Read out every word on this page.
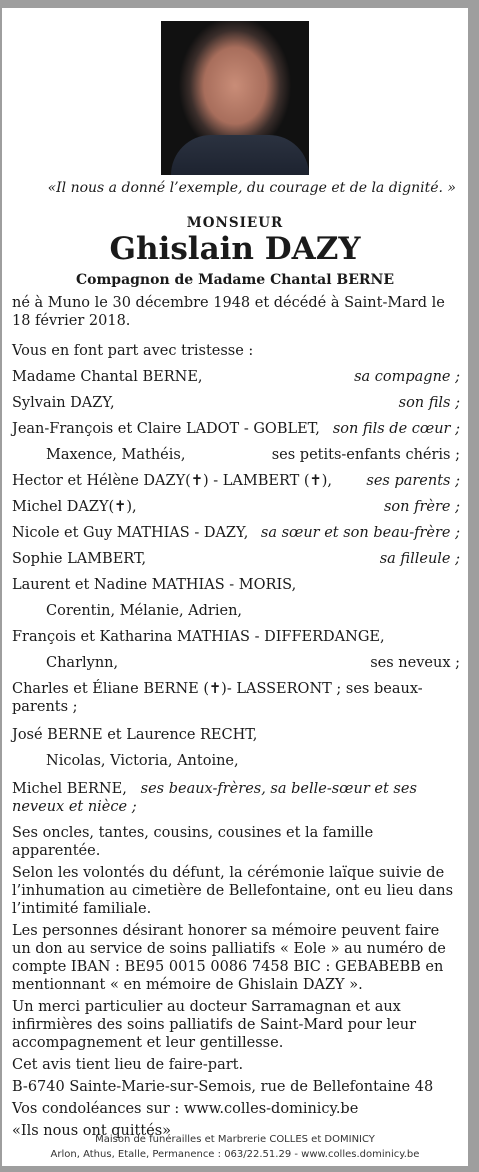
«Il nous a donné l’exemple, du courage et de la dignité. »
MONSIEUR
Ghislain DAZY
Compagnon de Madame Chantal BERNE

né à Muno le 30 décembre 1948 et décédé à Saint-Mard le 18 février 2018.

Vous en font part avec tristesse :
Madame Chantal BERNE,	sa compagne ;
Sylvain DAZY,	son fils ;
Jean-François et Claire LADOT - GOBLET, son fils de cœur ;
Maxence, Mathéis,	ses petits-enfants chéris ;
Hector et Hélène DAZY(✝) - LAMBERT (✝), ses parents ;
Michel DAZY(✝),	son frère ;
Nicole et Guy MATHIAS - DAZY, sa sœur et son beau-frère ;
Sophie LAMBERT,	sa filleule ;
Laurent et Nadine MATHIAS - MORIS,
Corentin, Mélanie, Adrien,
François et Katharina MATHIAS - DIFFERDANGE,
Charlynn,	ses neveux ;

Charles et Éliane BERNE (✝)- LASSERONT ; ses beaux-parents ;

José BERNE et Laurence RECHT,
Nicolas, Victoria, Antoine,

Michel BERNE, ses beaux-frères, sa belle-sœur et ses neveux et nièce ;

Ses oncles, tantes, cousins, cousines et la famille apparentée.

Selon les volontés du défunt, la cérémonie laïque suivie de l’inhumation au cimetière de Bellefontaine, ont eu lieu dans l’intimité familiale.

Les personnes désirant honorer sa mémoire peuvent faire un don au service de soins palliatifs « Eole » au numéro de compte IBAN : BE95 0015 0086 7458 BIC : GEBABEBB en mentionnant « en mémoire de Ghislain DAZY ».

Un merci particulier au docteur Sarramagnan et aux infirmières des soins palliatifs de Saint-Mard pour leur accompagnement et leur gentillesse.

Cet avis tient lieu de faire-part.

B-6740 Sainte-Marie-sur-Semois, rue de Bellefontaine 48

Vos condoléances sur : www.colles-dominicy.be

«Ils nous ont quittés»

Maison de funérailles et Marbrerie COLLES et DOMINICY
Arlon, Athus, Etalle, Permanence : 063/22.51.29 - www.colles.dominicy.be
